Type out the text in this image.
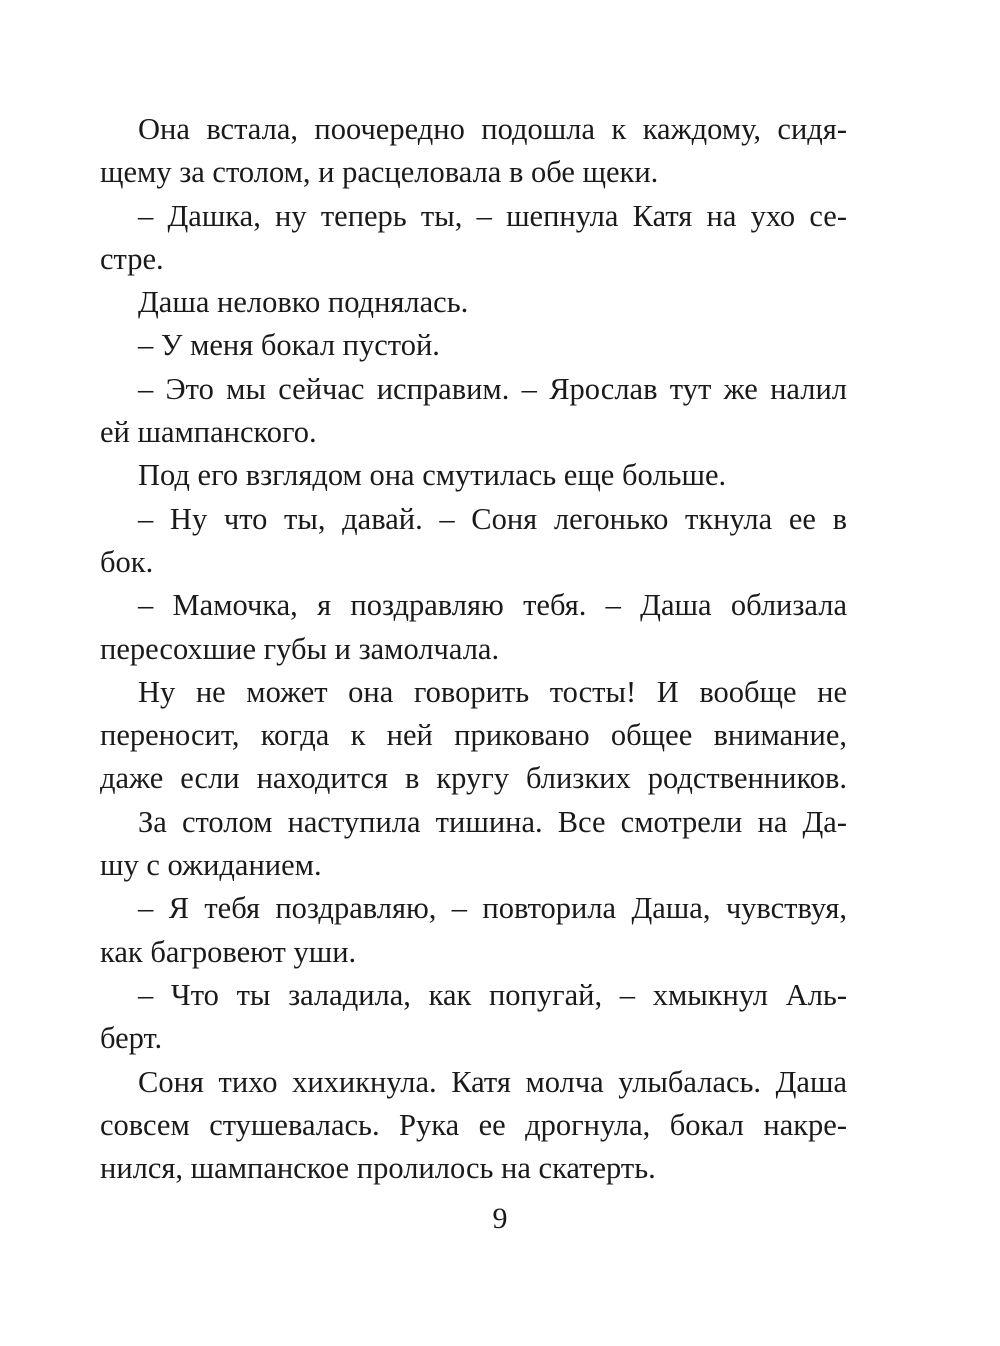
Она встала, поочередно подошла к каждому, сидя-
щему за столом, и расцеловала в обе щеки.
– Дашка, ну теперь ты, – шепнула Катя на ухо се-
стре.
Даша неловко поднялась.
– У меня бокал пустой.
– Это мы сейчас исправим. – Ярослав тут же налил
ей шампанского.
Под его взглядом она смутилась еще больше.
– Ну что ты, давай. – Соня легонько ткнула ее в
бок.
– Мамочка, я поздравляю тебя. – Даша облизала
пересохшие губы и замолчала.
Ну не может она говорить тосты! И вообще не
переносит, когда к ней приковано общее внимание,
даже если находится в кругу близких родственников.
За столом наступила тишина. Все смотрели на Да-
шу с ожиданием.
– Я тебя поздравляю, – повторила Даша, чувствуя,
как багровеют уши.
– Что ты заладила, как попугай, – хмыкнул Аль-
берт.
Соня тихо хихикнула. Катя молча улыбалась. Даша
совсем стушевалась. Рука ее дрогнула, бокал накре-
нился, шампанское пролилось на скатерть.
9
